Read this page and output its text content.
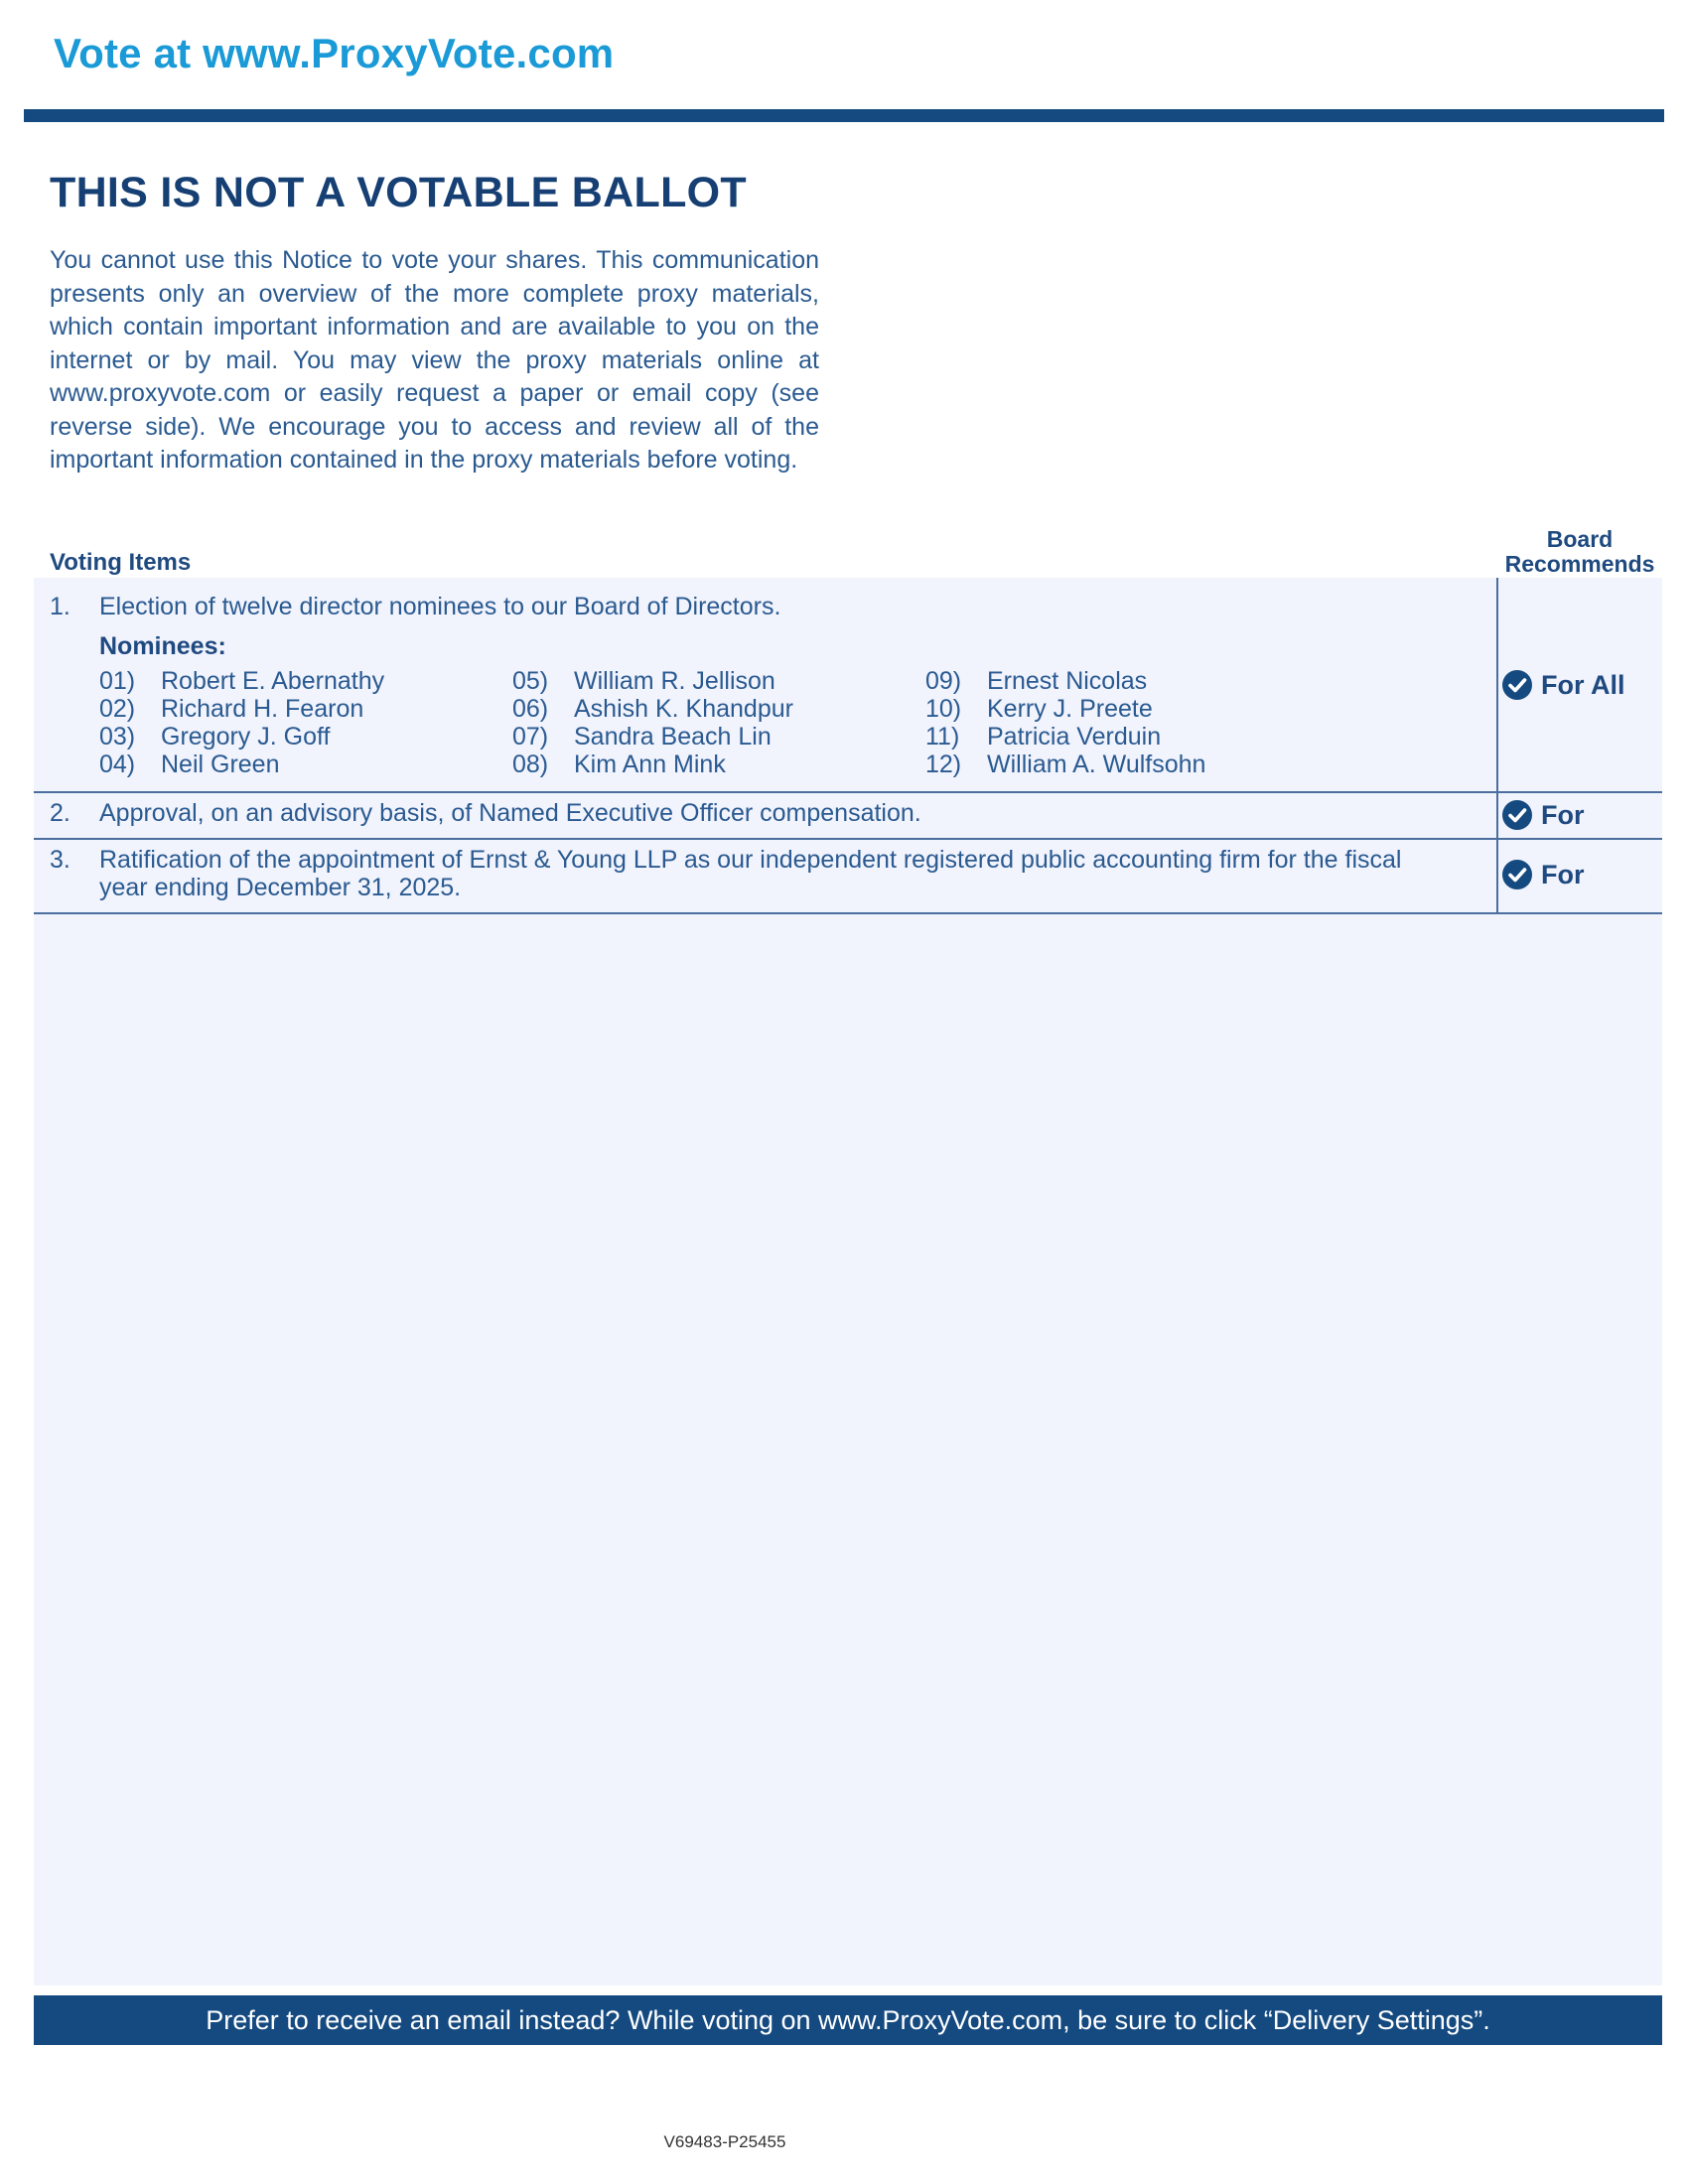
Vote at www.ProxyVote.com
THIS IS NOT A VOTABLE BALLOT
You cannot use this Notice to vote your shares. This communication presents only an overview of the more complete proxy materials, which contain important information and are available to you on the internet or by mail. You may view the proxy materials online at www.proxyvote.com or easily request a paper or email copy (see reverse side). We encourage you to access and review all of the important information contained in the proxy materials before voting.
Voting Items
Board
Recommends
1. Election of twelve director nominees to our Board of Directors.
Nominees:
01) Robert E. Abernathy
02) Richard H. Fearon
03) Gregory J. Goff
04) Neil Green
05) William R. Jellison
06) Ashish K. Khandpur
07) Sandra Beach Lin
08) Kim Ann Mink
09) Ernest Nicolas
10) Kerry J. Preete
11) Patricia Verduin
12) William A. Wulfsohn
For All
2. Approval, on an advisory basis, of Named Executive Officer compensation.	For
3. Ratification of the appointment of Ernst & Young LLP as our independent registered public accounting firm for the fiscal
year ending December 31, 2025.	For
Prefer to receive an email instead? While voting on www.ProxyVote.com, be sure to click “Delivery Settings”.
V69483-P25455
